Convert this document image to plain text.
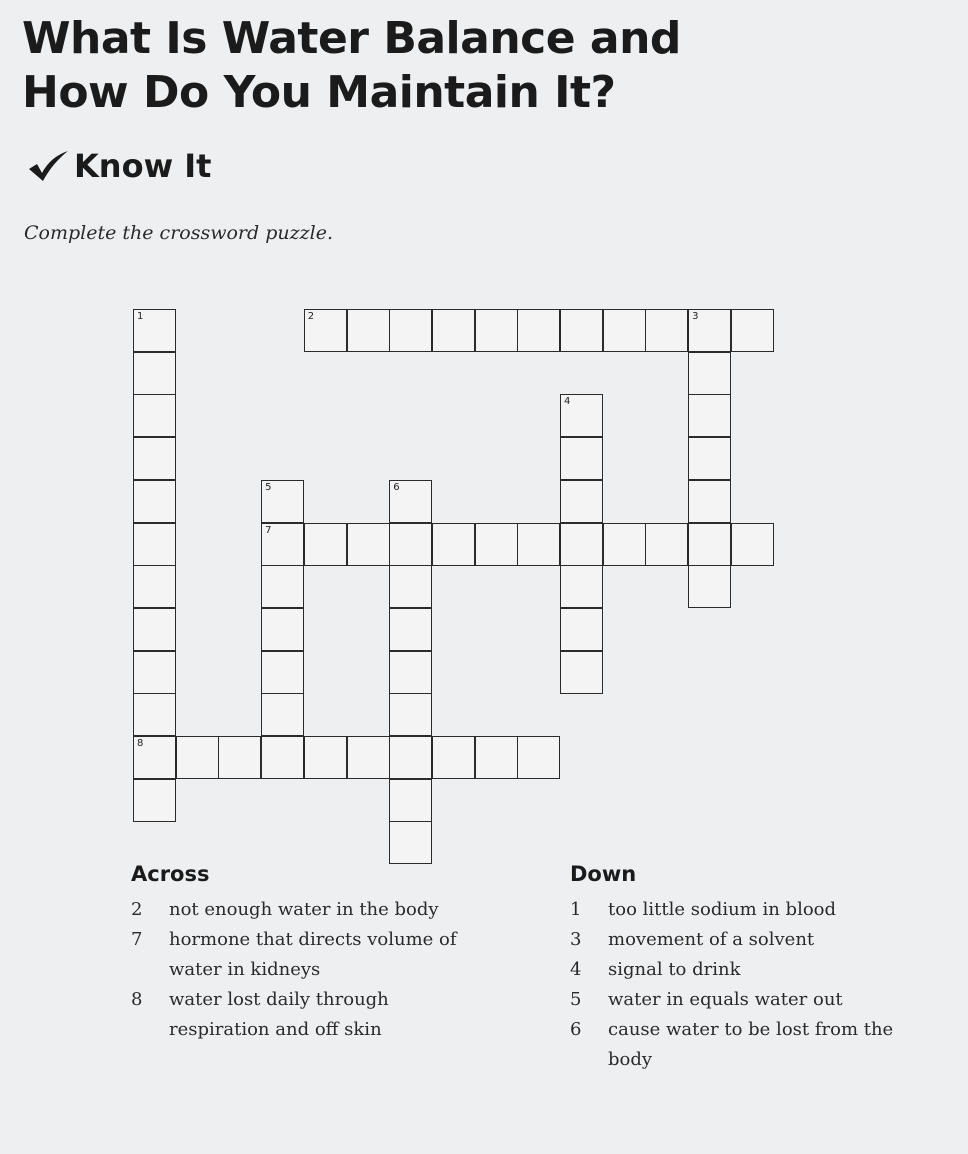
What Is Water Balance and
How Do You Maintain It?
Know It
Complete the crossword puzzle.
1
8
2	3
4
5
7
6
Across
2	not enough water in the body
7	hormone that directs volume of
water in kidneys
8	water lost daily through
respiration and off skin
Down
1	too little sodium in blood
3	movement of a solvent
4	signal to drink
5	water in equals water out
6	cause water to be lost from the
body
